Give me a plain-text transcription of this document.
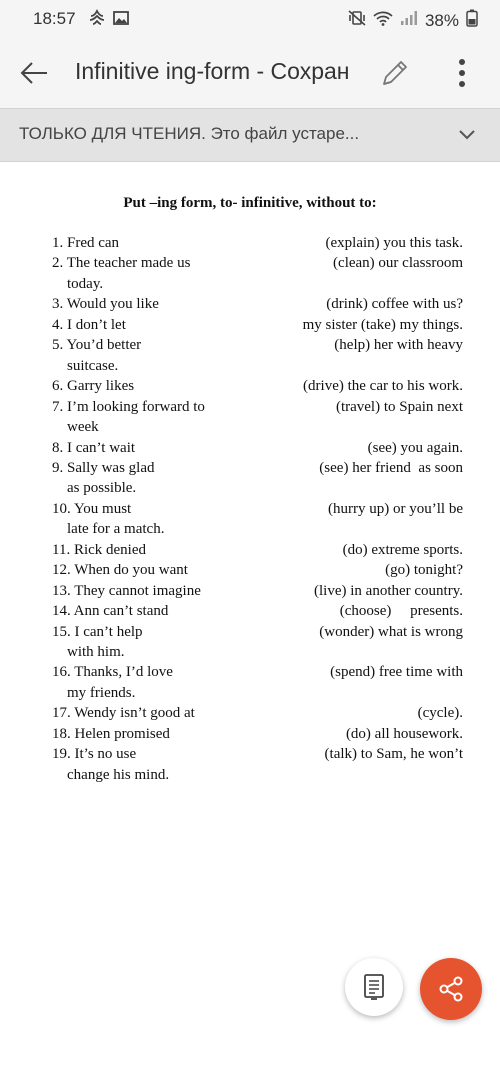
18:57	38%
Infinitive ing-form - Сохран
ТОЛЬКО ДЛЯ ЧТЕНИЯ. Это файл устаре...
Put –ing form, to- infinitive, without to:
1. Fred can	(explain) you this task.
2. The teacher made us	(clean) our classroom
today.
3. Would you like	(drink) coffee with us?
4. I don’t let	my sister (take) my things.
5. You’d better	(help) her with heavy
suitcase.
6. Garry likes	(drive) the car to his work.
7. I’m looking forward to	(travel) to Spain next
week
8. I can’t wait	(see) you again.
9. Sally was glad	(see) her friend  as soon
as possible.
10. You must	(hurry up) or you’ll be
late for a match.
11. Rick denied	(do) extreme sports.
12. When do you want	(go) tonight?
13. They cannot imagine	(live) in another country.
14. Ann can’t stand	(choose)     presents.
15. I can’t help	(wonder) what is wrong
with him.
16. Thanks, I’d love	(spend) free time with
my friends.
17. Wendy isn’t good at	(cycle).
18. Helen promised	(do) all housework.
19. It’s no use	(talk) to Sam, he won’t
change his mind.
